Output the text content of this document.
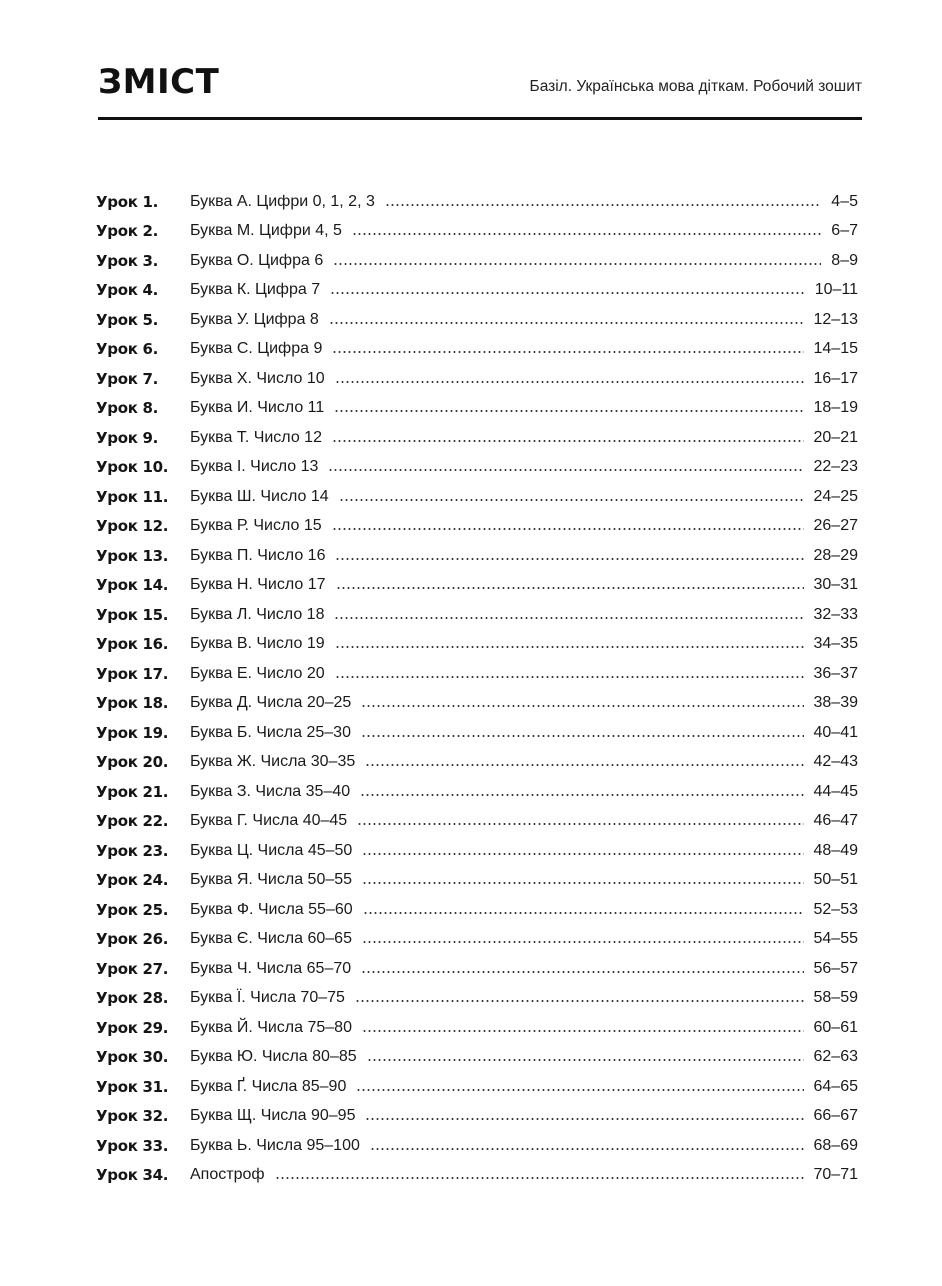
ЗМІСТ	Базіл. Українська мова діткам. Робочий зошит
Урок 1.	Буква А. Цифри 0, 1, 2, 3	4–5
Урок 2.	Буква М. Цифри 4, 5	6–7
Урок 3.	Буква О. Цифра 6	8–9
Урок 4.	Буква К. Цифра 7	10–11
Урок 5.	Буква У. Цифра 8	12–13
Урок 6.	Буква С. Цифра 9	14–15
Урок 7.	Буква Х. Число 10	16–17
Урок 8.	Буква И. Число 11	18–19
Урок 9.	Буква Т. Число 12	20–21
Урок 10.	Буква І. Число 13	22–23
Урок 11.	Буква Ш. Число 14	24–25
Урок 12.	Буква Р. Число 15	26–27
Урок 13.	Буква П. Число 16	28–29
Урок 14.	Буква Н. Число 17	30–31
Урок 15.	Буква Л. Число 18	32–33
Урок 16.	Буква В. Число 19	34–35
Урок 17.	Буква Е. Число 20	36–37
Урок 18.	Буква Д. Числа 20–25	38–39
Урок 19.	Буква Б. Числа 25–30	40–41
Урок 20.	Буква Ж. Числа 30–35	42–43
Урок 21.	Буква З. Числа 35–40	44–45
Урок 22.	Буква Г. Числа 40–45	46–47
Урок 23.	Буква Ц. Числа 45–50	48–49
Урок 24.	Буква Я. Числа 50–55	50–51
Урок 25.	Буква Ф. Числа 55–60	52–53
Урок 26.	Буква Є. Числа 60–65	54–55
Урок 27.	Буква Ч. Числа 65–70	56–57
Урок 28.	Буква Ї. Числа 70–75	58–59
Урок 29.	Буква Й. Числа 75–80	60–61
Урок 30.	Буква Ю. Числа 80–85	62–63
Урок 31.	Буква Ґ. Числа 85–90	64–65
Урок 32.	Буква Щ. Числа 90–95	66–67
Урок 33.	Буква Ь. Числа 95–100	68–69
Урок 34.	Апостроф	70–71
